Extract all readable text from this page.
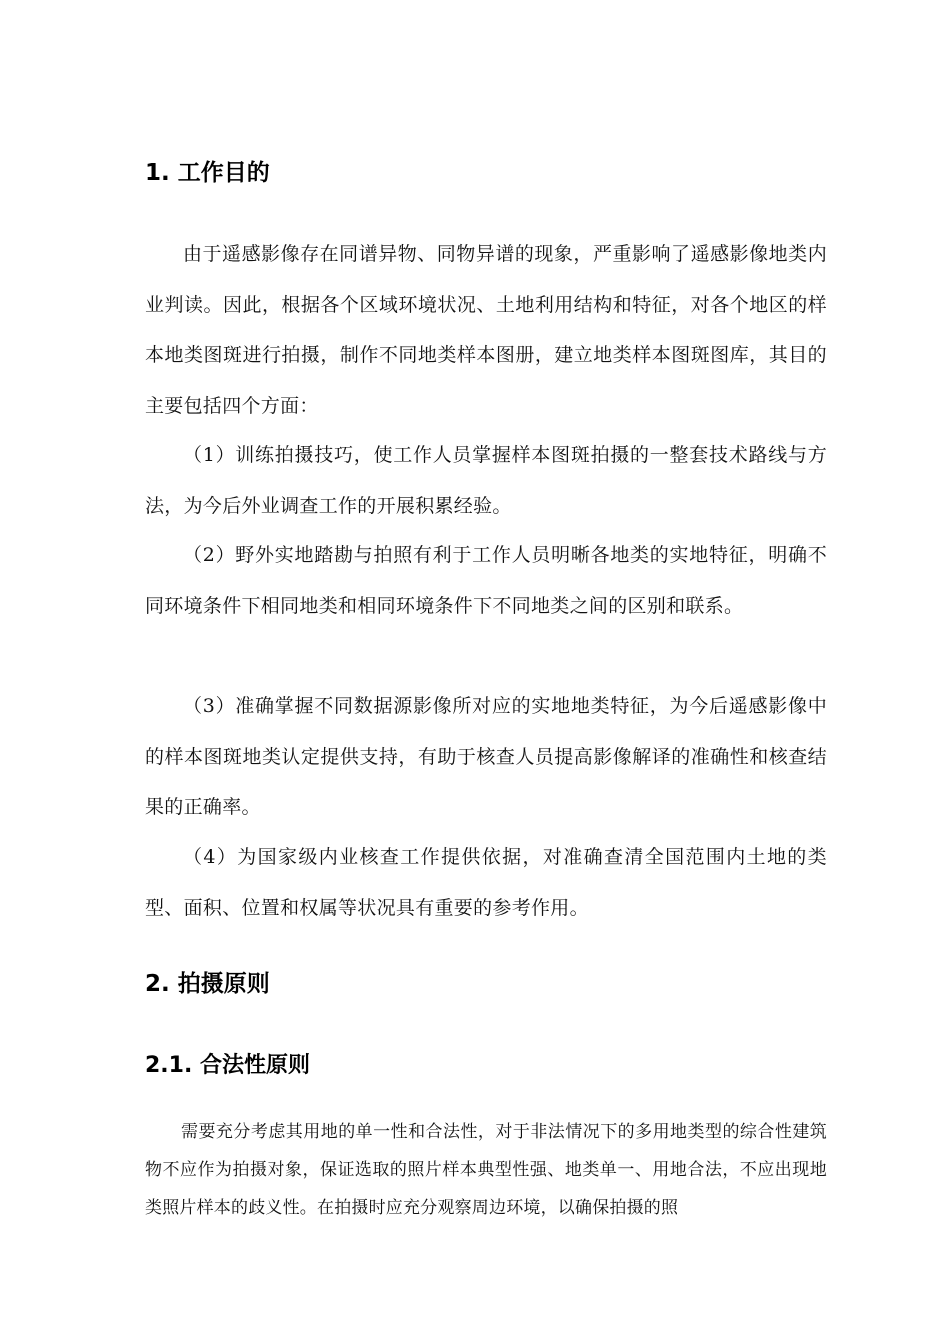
1. 工作目的

由于遥感影像存在同谱异物、同物异谱的现象，严重影响了遥感影像地类内业判读。因此，根据各个区域环境状况、土地利用结构和特征，对各个地区的样本地类图斑进行拍摄，制作不同地类样本图册，建立地类样本图斑图库，其目的主要包括四个方面：

（1）训练拍摄技巧，使工作人员掌握样本图斑拍摄的一整套技术路线与方法，为今后外业调查工作的开展积累经验。

（2）野外实地踏勘与拍照有利于工作人员明晰各地类的实地特征，明确不同环境条件下相同地类和相同环境条件下不同地类之间的区别和联系。

（3）准确掌握不同数据源影像所对应的实地地类特征，为今后遥感影像中的样本图斑地类认定提供支持，有助于核查人员提高影像解译的准确性和核查结果的正确率。

（4）为国家级内业核查工作提供依据，对准确查清全国范围内土地的类型、面积、位置和权属等状况具有重要的参考作用。

2. 拍摄原则
2.1. 合法性原则

需要充分考虑其用地的单一性和合法性，对于非法情况下的多用地类型的综合性建筑物不应作为拍摄对象，保证选取的照片样本典型性强、地类单一、用地合法，不应出现地类照片样本的歧义性。在拍摄时应充分观察周边环境，以确保拍摄的照
